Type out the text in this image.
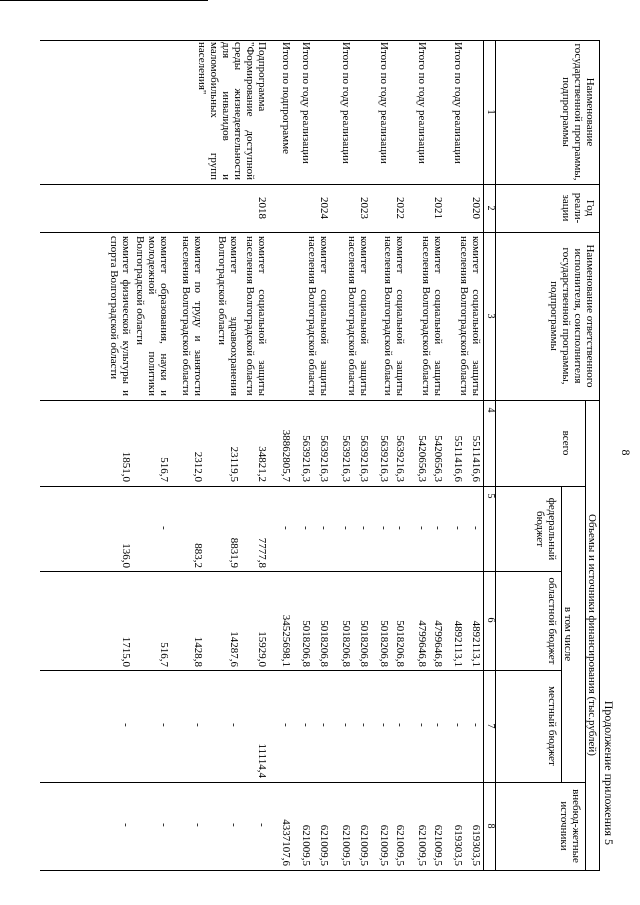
8
Продолжение приложения 5
Наименование государственной программы, подпрограммы
Год реали-зации
Наименование ответственного исполнителя, соисполнителя государственной программы, подпрограммы
Объемы и источники финансирования (тыс.рублей)
всего
в том числе
федеральный бюджет
областной бюджет
местный бюджет
внебюд-жетные источники
1
2
3
4
5
6
7
8
2020
комитет социальной защиты населения Волгоградской области
5511416,6
-
4892113,1
-
619303,5
Итого по году реализации
5511416,6
-
4892113,1
-
619303,5
2021
комитет социальной защиты населения Волгоградской области
5420656,3
-
4799646,8
-
621009,5
Итого по году реализации
5420656,3
-
4799646,8
-
621009,5
2022
комитет социальной защиты населения Волгоградской области
5639216,3
-
5018206,8
-
621009,5
Итого по году реализации
5639216,3
-
5018206,8
-
621009,5
2023
комитет социальной защиты населения Волгоградской области
5639216,3
-
5018206,8
-
621009,5
Итого по году реализации
5639216,3
-
5018206,8
-
621009,5
2024
комитет социальной защиты населения Волгоградской области
5639216,3
-
5018206,8
-
621009,5
Итого по году реализации
5639216,3
-
5018206,8
-
621009,5
Итого по подпрограмме
38862805,7
-
34525698,1
-
4337107,6
Подпрограмма "Формирование доступной среды жизнедеятельности для инвалидов и маломобильных групп населения"
2018
комитет социальной защиты населения Волгоградской области
34821,2
7777,8
15929,0
11114,4
-
комитет здравоохранения Волгоградской области
23119,5
8831,9
14287,6
-
-
комитет по труду и занятости населения Волгоградской области
2312,0
883,2
1428,8
-
-
комитет образования, науки и молодежной политики Волгоградской области
516,7
-
516,7
-
-
комитет физической культуры и спорта Волгоградской области
1851,0
136,0
1715,0
-
-
